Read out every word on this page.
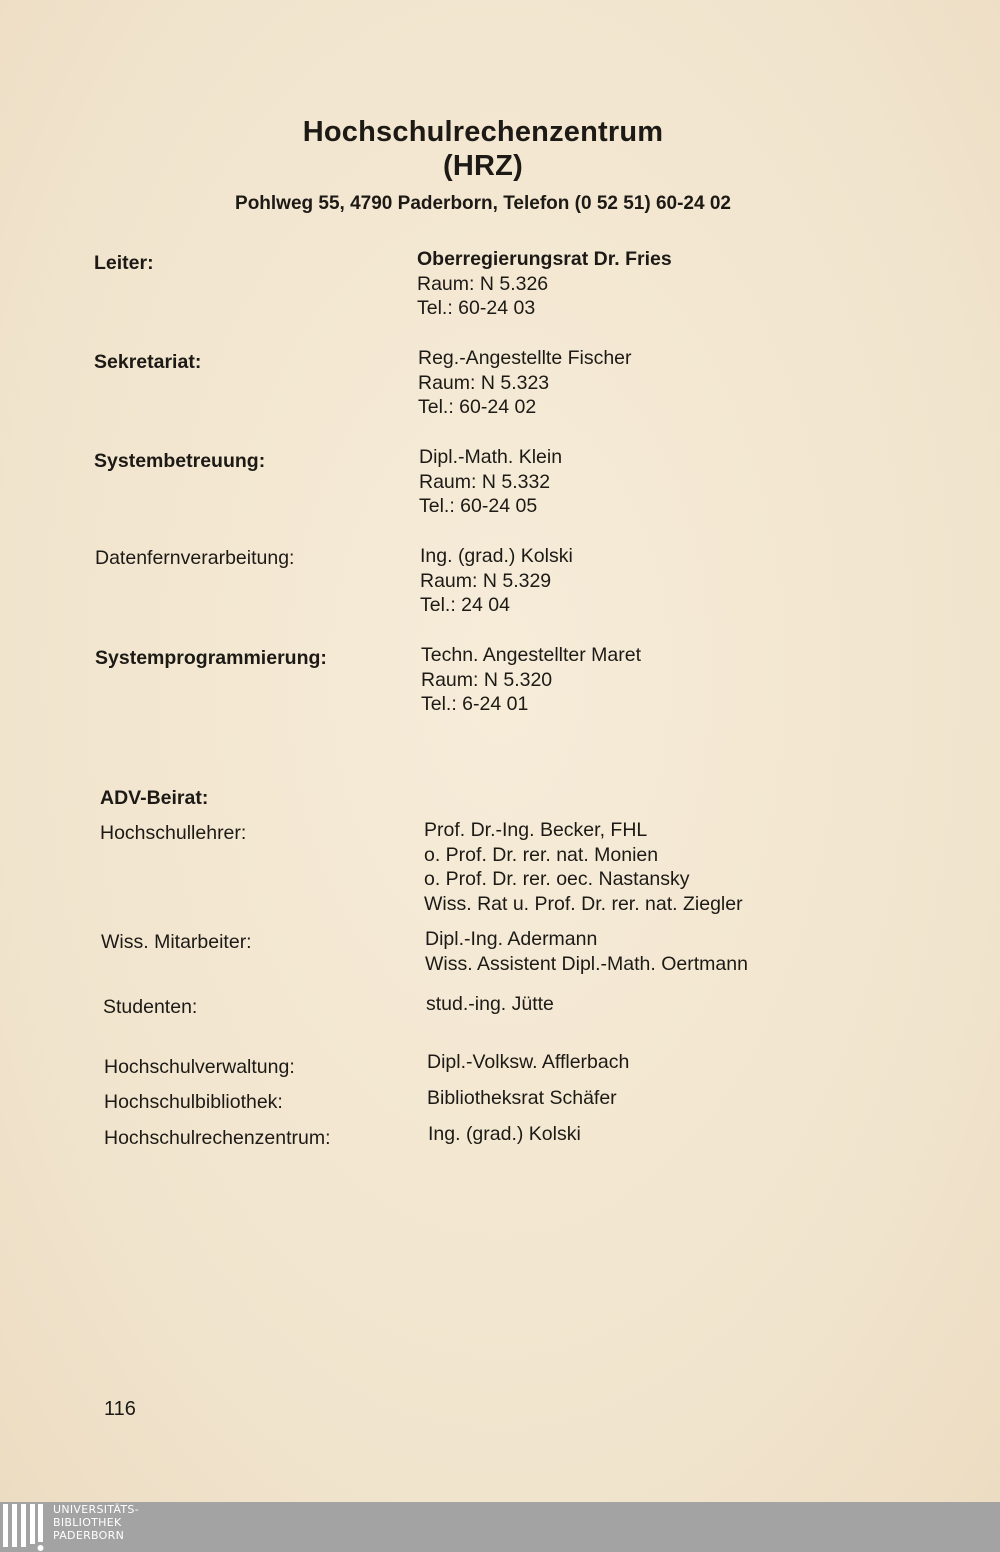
Hochschulrechenzentrum
(HRZ)
Pohlweg 55, 4790 Paderborn, Telefon (0 52 51) 60-24 02
Leiter:	Oberregierungsrat Dr. Fries
Raum: N 5.326
Tel.: 60-24 03
Sekretariat:	Reg.-Angestellte Fischer
Raum: N 5.323
Tel.: 60-24 02
Systembetreuung:	Dipl.-Math. Klein
Raum: N 5.332
Tel.: 60-24 05
Datenfernverarbeitung:	Ing. (grad.) Kolski
Raum: N 5.329
Tel.: 24 04
Systemprogrammierung:	Techn. Angestellter Maret
Raum: N 5.320
Tel.: 6-24 01
ADV-Beirat:
Hochschullehrer:	Prof. Dr.-Ing. Becker, FHL
o. Prof. Dr. rer. nat. Monien
o. Prof. Dr. rer. oec. Nastansky
Wiss. Rat u. Prof. Dr. rer. nat. Ziegler
Wiss. Mitarbeiter:	Dipl.-Ing. Adermann
Wiss. Assistent Dipl.-Math. Oertmann
Studenten:	stud.-ing. Jütte
Hochschulverwaltung:	Dipl.-Volksw. Afflerbach
Hochschulbibliothek:	Bibliotheksrat Schäfer
Hochschulrechenzentrum:	Ing. (grad.) Kolski
116
UNIVERSITÄTS-
BIBLIOTHEK
PADERBORN
